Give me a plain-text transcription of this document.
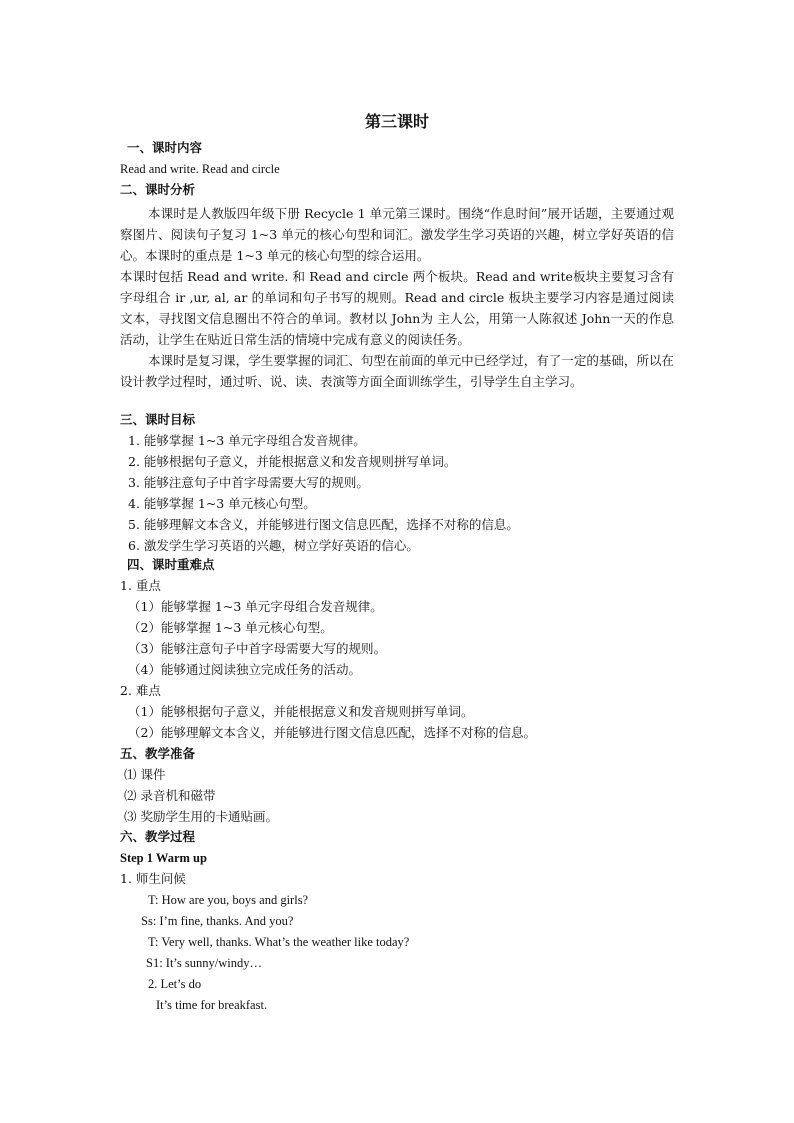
第三课时
一、课时内容
Read and write. Read and circle
二、课时分析
本课时是人教版四年级下册 Recycle 1 单元第三课时。围绕“作息时间”展开话题，主要通过观察图片、阅读句子复习 1~3 单元的核心句型和词汇。激发学生学习英语的兴趣，树立学好英语的信心。本课时的重点是 1~3 单元的核心句型的综合运用。
本课时包括 Read and write. 和 Read and circle 两个板块。Read and write板块主要复习含有字母组合 ir ,ur, al, ar 的单词和句子书写的规则。Read and circle 板块主要学习内容是通过阅读文本，寻找图文信息圈出不符合的单词。教材以 John为 主人公，用第一人陈叙述 John一天的作息活动，让学生在贴近日常生活的情境中完成有意义的阅读任务。
本课时是复习课，学生要掌握的词汇、句型在前面的单元中已经学过，有了一定的基础，所以在设计教学过程时，通过听、说、读、表演等方面全面训练学生，引导学生自主学习。
三、课时目标
1. 能够掌握 1~3 单元字母组合发音规律。
2. 能够根据句子意义，并能根据意义和发音规则拼写单词。
3. 能够注意句子中首字母需要大写的规则。
4. 能够掌握 1~3 单元核心句型。
5. 能够理解文本含义，并能够进行图文信息匹配，选择不对称的信息。
6. 激发学生学习英语的兴趣，树立学好英语的信心。
四、课时重难点
1. 重点
（1）能够掌握 1~3 单元字母组合发音规律。
（2）能够掌握 1~3 单元核心句型。
（3）能够注意句子中首字母需要大写的规则。
（4）能够通过阅读独立完成任务的活动。
2. 难点
（1）能够根据句子意义，并能根据意义和发音规则拼写单词。
（2）能够理解文本含义，并能够进行图文信息匹配，选择不对称的信息。
五、教学准备
⑴ 课件
⑵ 录音机和磁带
⑶ 奖励学生用的卡通贴画。
六、教学过程
Step 1 Warm up
1. 师生问候
T: How are you, boys and girls?
Ss: I’m fine, thanks. And you?
T: Very well, thanks. What’s the weather like today?
S1: It’s sunny/windy…
2. Let’s do
It’s time for breakfast.
